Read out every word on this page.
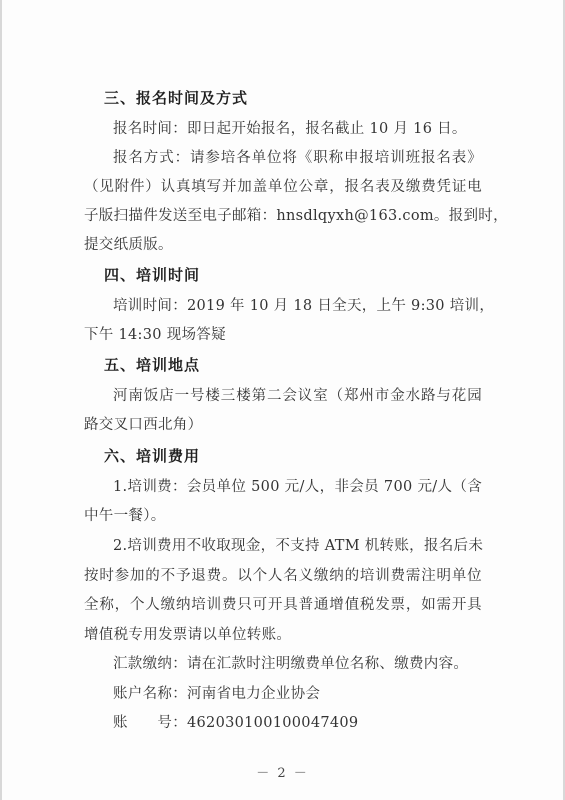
三、报名时间及方式
报名时间：即日起开始报名，报名截止 10 月 16 日。
报名方式：请参培各单位将《职称申报培训班报名表》
（见附件）认真填写并加盖单位公章，报名表及缴费凭证电
子版扫描件发送至电子邮箱：hnsdlqyxh@163.com。报到时，
提交纸质版。
四、培训时间
培训时间：2019 年 10 月 18 日全天，上午 9:30 培训，
下午 14:30 现场答疑
五、培训地点
河南饭店一号楼三楼第二会议室（郑州市金水路与花园
路交叉口西北角）
六、培训费用
1.培训费：会员单位 500 元/人，非会员 700 元/人（含
中午一餐）。
2.培训费用不收取现金，不支持 ATM 机转账，报名后未
按时参加的不予退费。以个人名义缴纳的培训费需注明单位
全称，个人缴纳培训费只可开具普通增值税发票，如需开具
增值税专用发票请以单位转账。
汇款缴纳：请在汇款时注明缴费单位名称、缴费内容。
账户名称：河南省电力企业协会
账　　号：462030100100047409
－ 2 －
